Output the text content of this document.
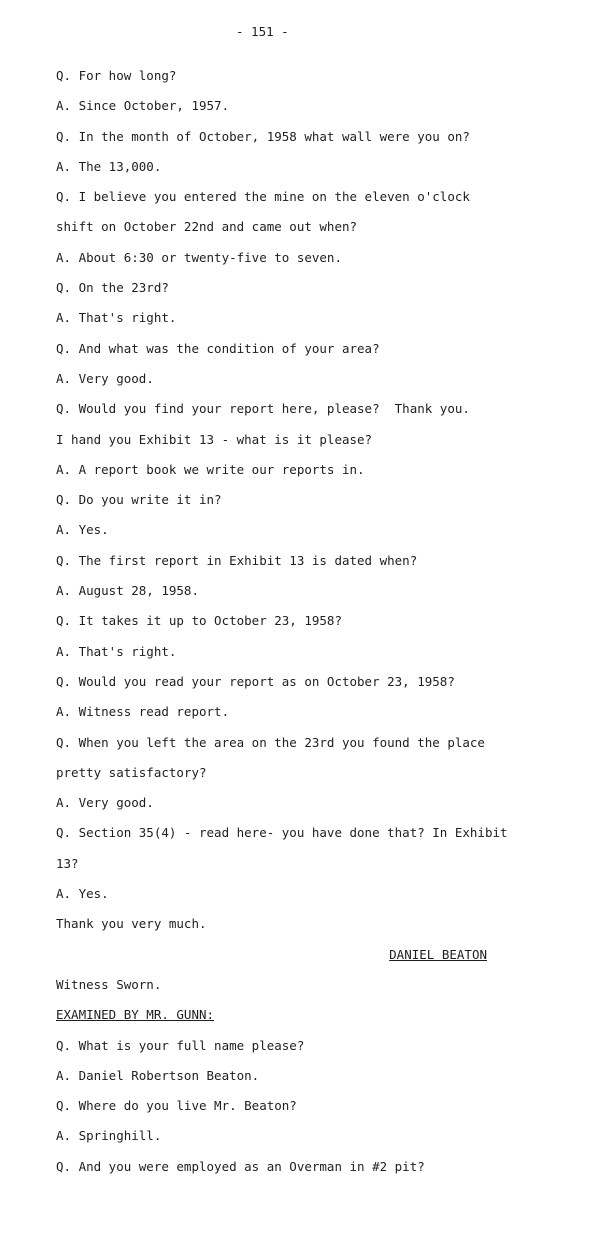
- 151 -
Q. For how long?
A. Since October, 1957.
Q. In the month of October, 1958 what wall were you on?
A. The 13,000.
Q. I believe you entered the mine on the eleven o'clock
shift on October 22nd and came out when?
A. About 6:30 or twenty-five to seven.
Q. On the 23rd?
A. That's right.
Q. And what was the condition of your area?
A. Very good.
Q. Would you find your report here, please?  Thank you.
I hand you Exhibit 13 - what is it please?
A. A report book we write our reports in.
Q. Do you write it in?
A. Yes.
Q. The first report in Exhibit 13 is dated when?
A. August 28, 1958.
Q. It takes it up to October 23, 1958?
A. That's right.
Q. Would you read your report as on October 23, 1958?
A. Witness read report.
Q. When you left the area on the 23rd you found the place
pretty satisfactory?
A. Very good.
Q. Section 35(4) - read here- you have done that? In Exhibit
13?
A. Yes.
Thank you very much.
DANIEL BEATON
Witness Sworn.
EXAMINED BY MR. GUNN:
Q. What is your full name please?
A. Daniel Robertson Beaton.
Q. Where do you live Mr. Beaton?
A. Springhill.
Q. And you were employed as an Overman in #2 pit?
